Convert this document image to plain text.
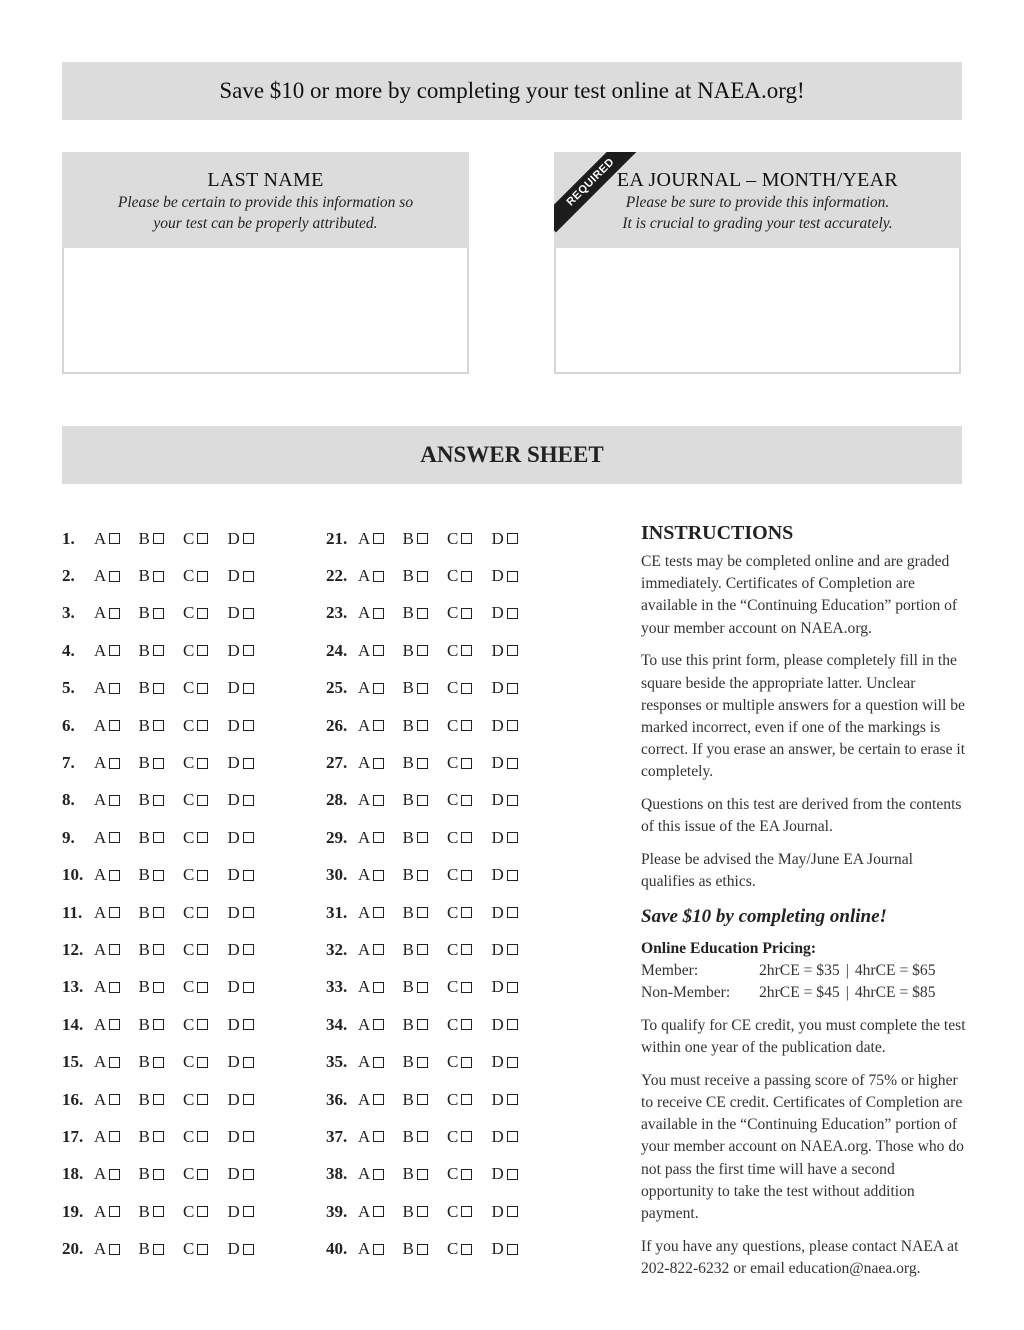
Save $10 or more by completing your test online at NAEA.org!
LAST NAME
Please be certain to provide this information so
your test can be properly attributed.
EA JOURNAL – MONTH/YEAR
Please be sure to provide this information.
It is crucial to grading your test accurately.
REQUIRED
ANSWER SHEET
1.	A B C D
2.	A B C D
3.	A B C D
4.	A B C D
5.	A B C D
6.	A B C D
7.	A B C D
8.	A B C D
9.	A B C D
10. A B C D
11. A B C D
12. A B C D
13. A B C D
14. A B C D
15. A B C D
16. A B C D
17. A B C D
18. A B C D
19. A B C D
20. A B C D
21. A B C D
22. A B C D
23. A B C D
24. A B C D
25. A B C D
26. A B C D
27. A B C D
28. A B C D
29. A B C D
30. A B C D
31. A B C D
32. A B C D
33. A B C D
34. A B C D
35. A B C D
36. A B C D
37. A B C D
38. A B C D
39. A B C D
40. A B C D
INSTRUCTIONS

CE tests may be completed online and are graded immediately. Certificates of Completion are available in the “Continuing Education” portion of your member account on NAEA.org.

To use this print form, please completely fill in the square beside the appropriate latter. Unclear responses or multiple answers for a question will be marked incorrect, even if one of the markings is correct. If you erase an answer, be certain to erase it completely.

Questions on this test are derived from the contents of this issue of the EA Journal.

Please be advised the May/June EA Journal qualifies as ethics.

Save $10 by completing online!
Online Education Pricing:
Member:	2hrCE = $35 | 4hrCE = $65
Non-Member:	2hrCE = $45 | 4hrCE = $85

To qualify for CE credit, you must complete the test within one year of the publication date.

You must receive a passing score of 75% or higher to receive CE credit. Certificates of Completion are available in the “Continuing Education” portion of your member account on NAEA.org. Those who do not pass the first time will have a second opportunity to take the test without addition payment.

If you have any questions, please contact NAEA at 202-822-6232 or email education@naea.org.
